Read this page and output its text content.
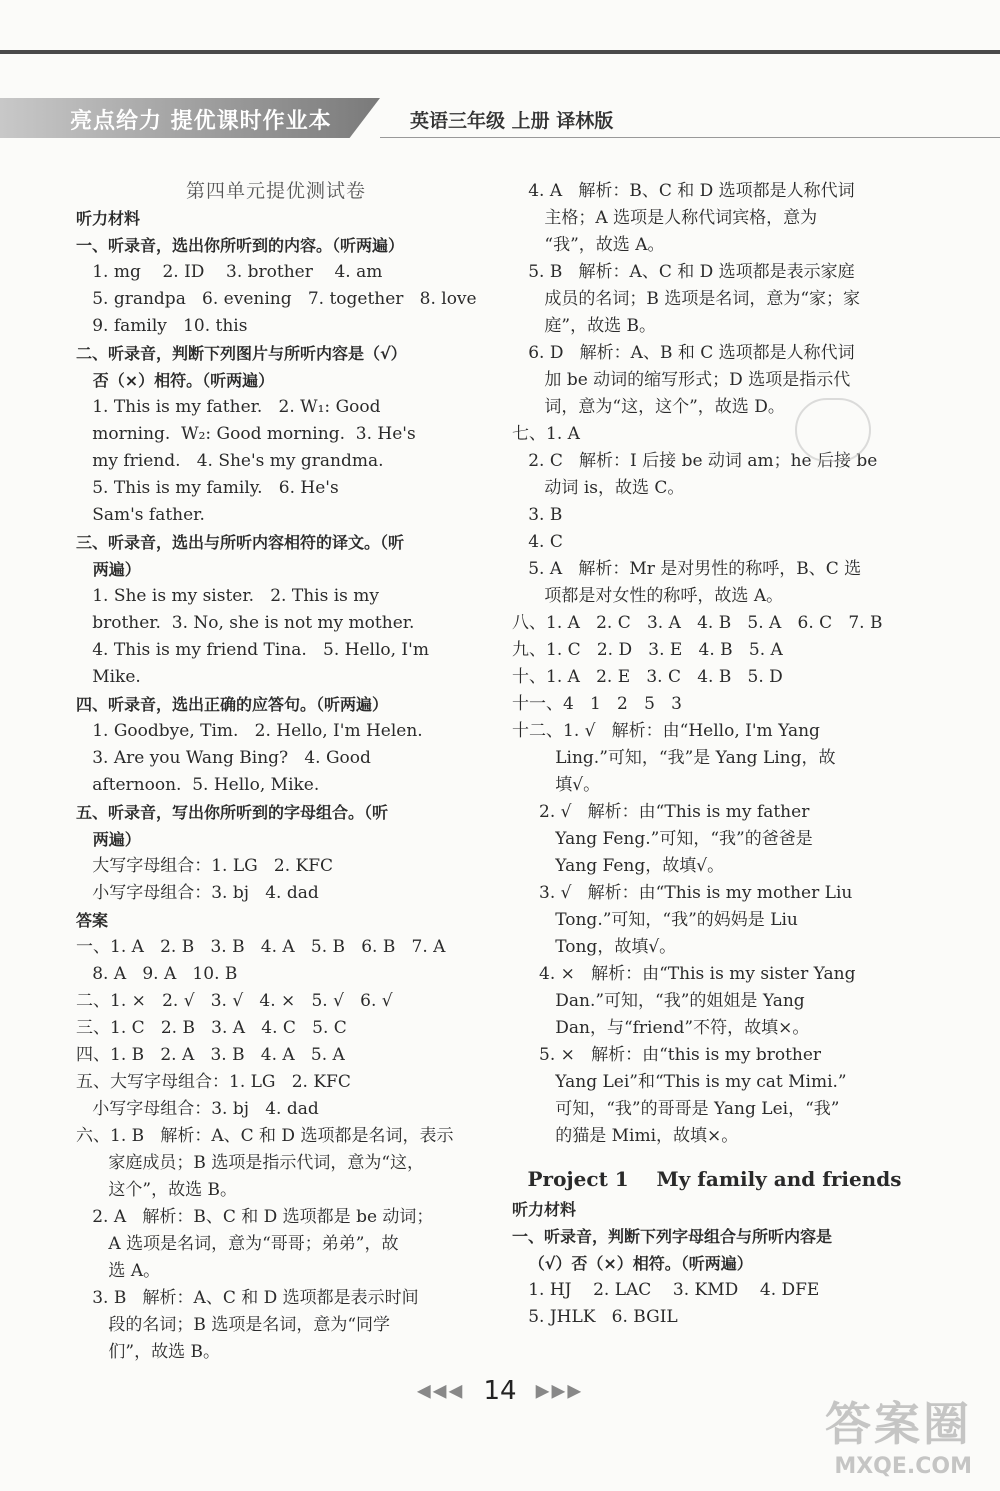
亮点给力 提优课时作业本	英语三年级 上册 译林版
第四单元提优测试卷
听力材料
一、听录音，选出你所听到的内容。（听两遍）
1. mg    2. ID    3. brother    4. am
5. grandpa   6. evening   7. together   8. love
9. family   10. this
二、听录音，判断下列图片与所听内容是（√）
否（×）相符。（听两遍）
1. This is my father.   2. W₁: Good
morning.  W₂: Good morning.  3. He's
my friend.   4. She's my grandma.
5. This is my family.   6. He's
Sam's father.
三、听录音，选出与所听内容相符的译文。（听
两遍）
1. She is my sister.   2. This is my
brother.  3. No, she is not my mother.
4. This is my friend Tina.   5. Hello, I'm
Mike.
四、听录音，选出正确的应答句。（听两遍）
1. Goodbye, Tim.   2. Hello, I'm Helen.
3. Are you Wang Bing?   4. Good
afternoon.  5. Hello, Mike.
五、听录音，写出你所听到的字母组合。（听
两遍）
大写字母组合：1. LG   2. KFC
小写字母组合：3. bj   4. dad
答案
一、1. A   2. B   3. B   4. A   5. B   6. B   7. A
8. A   9. A   10. B
二、1. ×   2. √   3. √   4. ×   5. √   6. √
三、1. C   2. B   3. A   4. C   5. C
四、1. B   2. A   3. B   4. A   5. A
五、大写字母组合：1. LG   2. KFC
小写字母组合：3. bj   4. dad
六、1. B   解析：A、C 和 D 选项都是名词，表示
家庭成员；B 选项是指示代词，意为“这，
这个”，故选 B。
2. A   解析：B、C 和 D 选项都是 be 动词；
A 选项是名词，意为“哥哥；弟弟”，故
选 A。
3. B   解析：A、C 和 D 选项都是表示时间
段的名词；B 选项是名词，意为“同学
们”，故选 B。
4. A   解析：B、C 和 D 选项都是人称代词
主格；A 选项是人称代词宾格，意为
“我”，故选 A。
5. B   解析：A、C 和 D 选项都是表示家庭
成员的名词；B 选项是名词，意为“家；家
庭”，故选 B。
6. D   解析：A、B 和 C 选项都是人称代词
加 be 动词的缩写形式；D 选项是指示代
词，意为“这，这个”，故选 D。
七、1. A
2. C   解析：I 后接 be 动词 am；he 后接 be
动词 is，故选 C。
3. B
4. C
5. A   解析：Mr 是对男性的称呼，B、C 选
项都是对女性的称呼，故选 A。
八、1. A   2. C   3. A   4. B   5. A   6. C   7. B
九、1. C   2. D   3. E   4. B   5. A
十、1. A   2. E   3. C   4. B   5. D
十一、4   1   2   5   3
十二、1. √   解析：由“Hello, I'm Yang
Ling.”可知，“我”是 Yang Ling，故
填√。
2. √   解析：由“This is my father
Yang Feng.”可知，“我”的爸爸是
Yang Feng，故填√。
3. √   解析：由“This is my mother Liu
Tong.”可知，“我”的妈妈是 Liu
Tong，故填√。
4. ×   解析：由“This is my sister Yang
Dan.”可知，“我”的姐姐是 Yang
Dan，与“friend”不符，故填×。
5. ×   解析：由“this is my brother
Yang Lei”和“This is my cat Mimi.”
可知，“我”的哥哥是 Yang Lei，“我”
的猫是 Mimi，故填×。
Project 1    My family and friends
听力材料
一、听录音，判断下列字母组合与所听内容是
（√）否（×）相符。（听两遍）
1. HJ    2. LAC    3. KMD    4. DFE
5. JHLK   6. BGIL
◀◀◀ 14 ▶▶▶
答案圈
MXQE.COM
